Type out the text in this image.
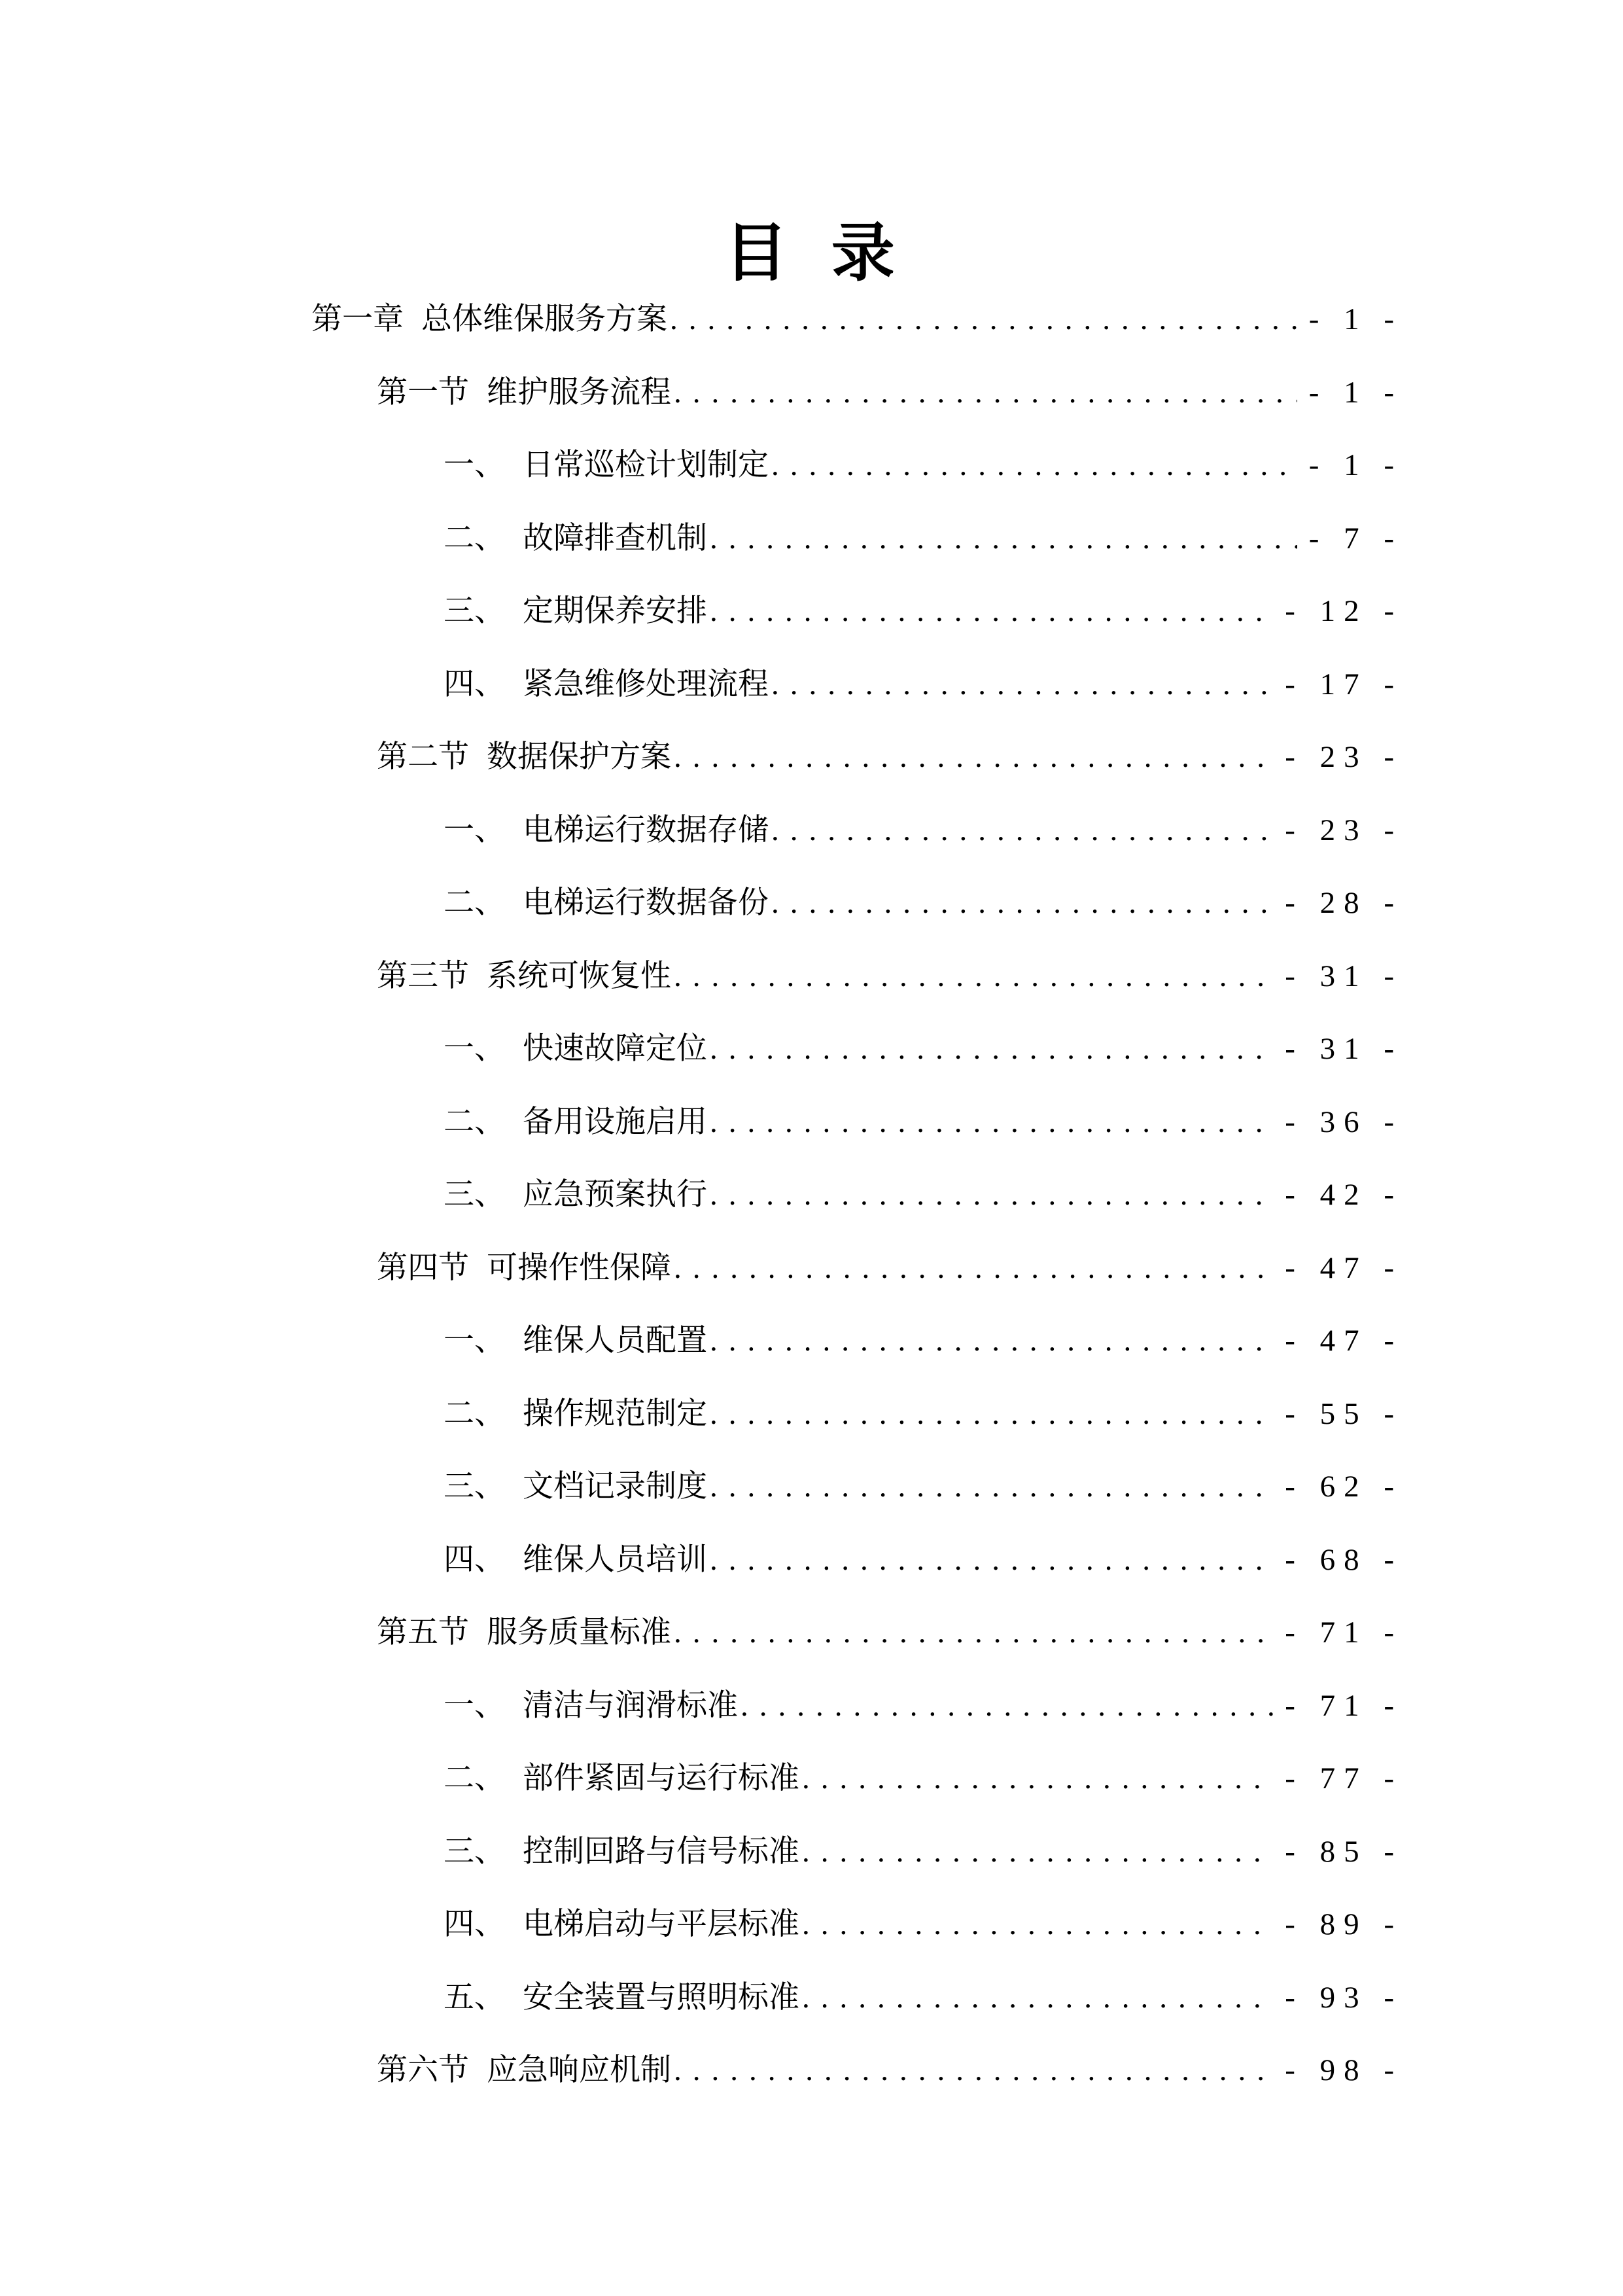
目  录
第一章 总体维保服务方案 .....	- 1 -
第一节 维护服务流程 .....	- 1 -
一、 日常巡检计划制定 .....	- 1 -
二、 故障排查机制 .....	- 7 -
三、 定期保养安排 .....	- 12 -
四、 紧急维修处理流程 .....	- 17 -
第二节 数据保护方案 .....	- 23 -
一、 电梯运行数据存储 .....	- 23 -
二、 电梯运行数据备份 .....	- 28 -
第三节 系统可恢复性 .....	- 31 -
一、 快速故障定位 .....	- 31 -
二、 备用设施启用 .....	- 36 -
三、 应急预案执行 .....	- 42 -
第四节 可操作性保障 .....	- 47 -
一、 维保人员配置 .....	- 47 -
二、 操作规范制定 .....	- 55 -
三、 文档记录制度 .....	- 62 -
四、 维保人员培训 .....	- 68 -
第五节 服务质量标准 .....	- 71 -
一、 清洁与润滑标准 .....	- 71 -
二、 部件紧固与运行标准 .....	- 77 -
三、 控制回路与信号标准 .....	- 85 -
四、 电梯启动与平层标准 .....	- 89 -
五、 安全装置与照明标准 .....	- 93 -
第六节 应急响应机制 .....	- 98 -
